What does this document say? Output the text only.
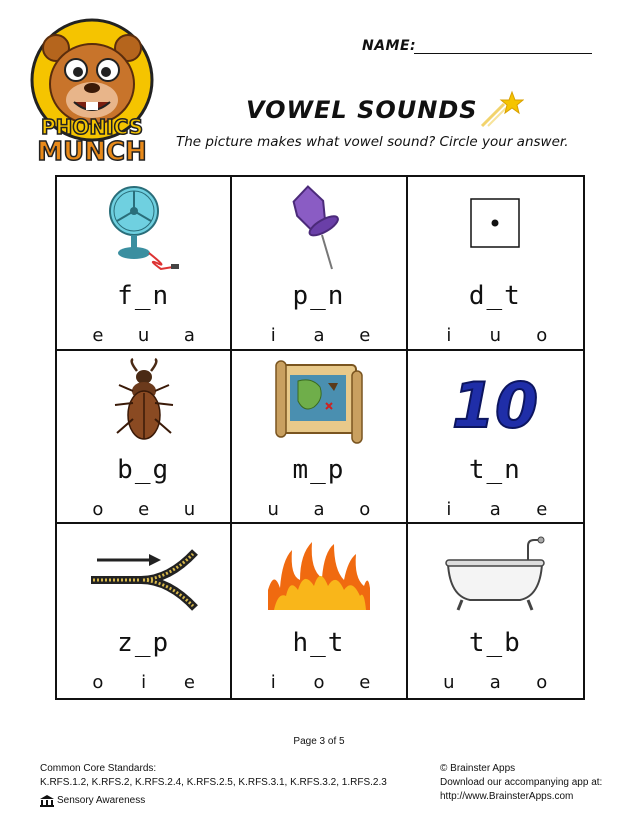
PHONICS
MUNCH
NAME:
VOWEL SOUNDS
The picture makes what vowel sound? Circle your answer.
f_n
e	u	a
p_n
i	a	e
d_t
i	u	o
b_g
o	e	u
m_p
u	a	o
10
t_n
i	a	e
z_p
o	i	e
h_t
i	o	e
t_b
u	a	o
Page 3 of 5
Common Core Standards:
K.RFS.1.2, K.RFS.2, K.RFS.2.4, K.RFS.2.5, K.RFS.3.1, K.RFS.3.2, 1.RFS.2.3
Sensory Awareness
© Brainster Apps
Download our accompanying app at:
http://www.BrainsterApps.com
